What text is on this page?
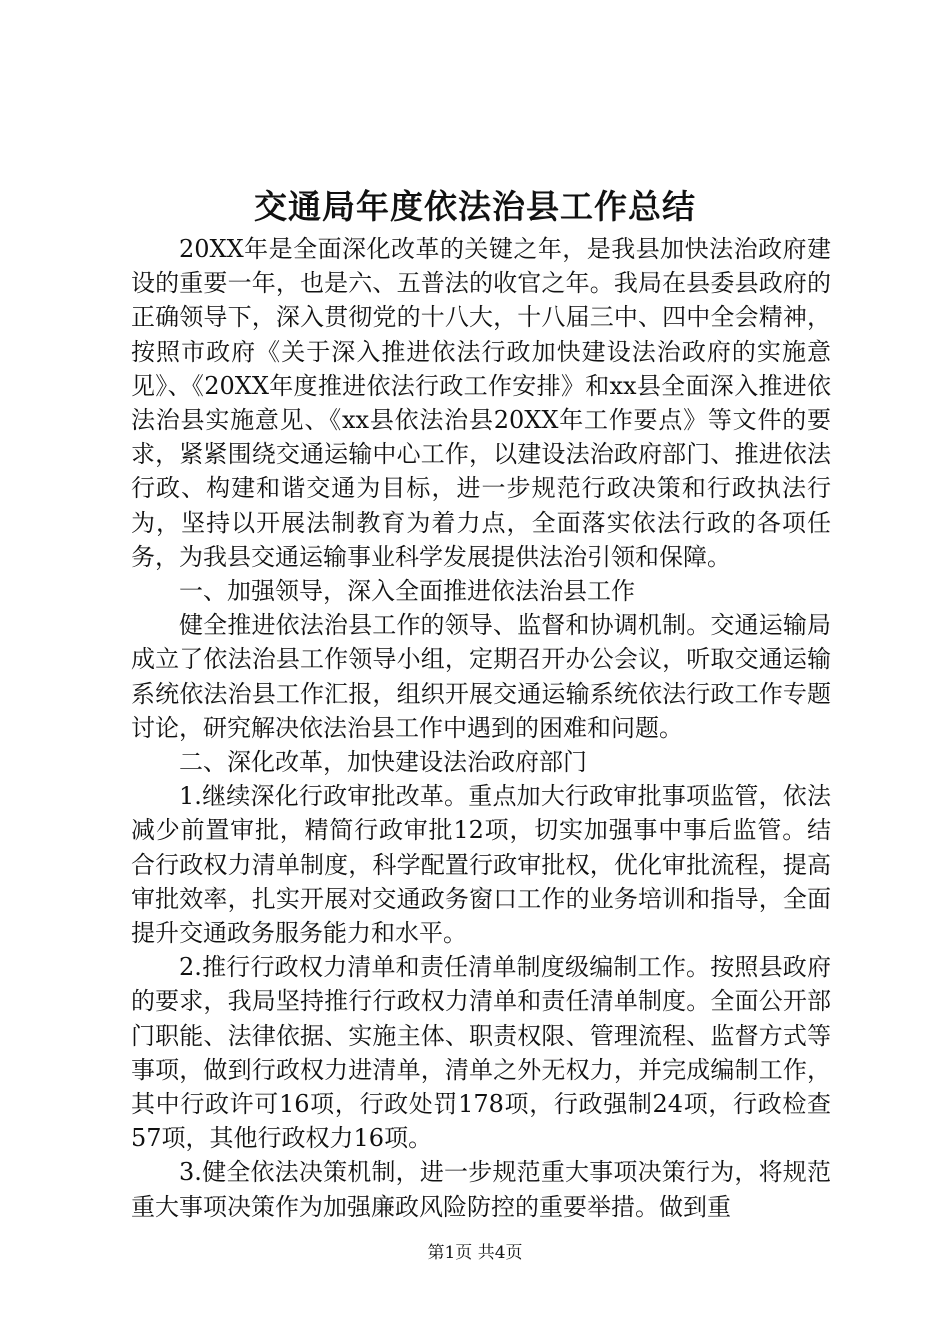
交通局年度依法治县工作总结

20XX年是全面深化改革的关键之年，是我县加快法治政府建设的重要一年，也是六、五普法的收官之年。我局在县委县政府的正确领导下，深入贯彻党的十八大，十八届三中、四中全会精神，按照市政府《关于深入推进依法行政加快建设法治政府的实施意见》、《20XX年度推进依法行政工作安排》和xx县全面深入推进依法治县实施意见、《xx县依法治县20XX年工作要点》等文件的要求，紧紧围绕交通运输中心工作，以建设法治政府部门、推进依法行政、构建和谐交通为目标，进一步规范行政决策和行政执法行为，坚持以开展法制教育为着力点，全面落实依法行政的各项任务，为我县交通运输事业科学发展提供法治引领和保障。

一、加强领导，深入全面推进依法治县工作

健全推进依法治县工作的领导、监督和协调机制。交通运输局成立了依法治县工作领导小组，定期召开办公会议，听取交通运输系统依法治县工作汇报，组织开展交通运输系统依法行政工作专题讨论，研究解决依法治县工作中遇到的困难和问题。

二、深化改革，加快建设法治政府部门

1.继续深化行政审批改革。重点加大行政审批事项监管，依法减少前置审批，精简行政审批12项，切实加强事中事后监管。结合行政权力清单制度，科学配置行政审批权，优化审批流程，提高审批效率，扎实开展对交通政务窗口工作的业务培训和指导，全面提升交通政务服务能力和水平。

2.推行行政权力清单和责任清单制度级编制工作。按照县政府的要求，我局坚持推行行政权力清单和责任清单制度。全面公开部门职能、法律依据、实施主体、职责权限、管理流程、监督方式等事项，做到行政权力进清单，清单之外无权力，并完成编制工作，其中行政许可16项，行政处罚178项，行政强制24项，行政检查57项，其他行政权力16项。

3.健全依法决策机制，进一步规范重大事项决策行为，将规范重大事项决策作为加强廉政风险防控的重要举措。做到重

第1页 共4页
